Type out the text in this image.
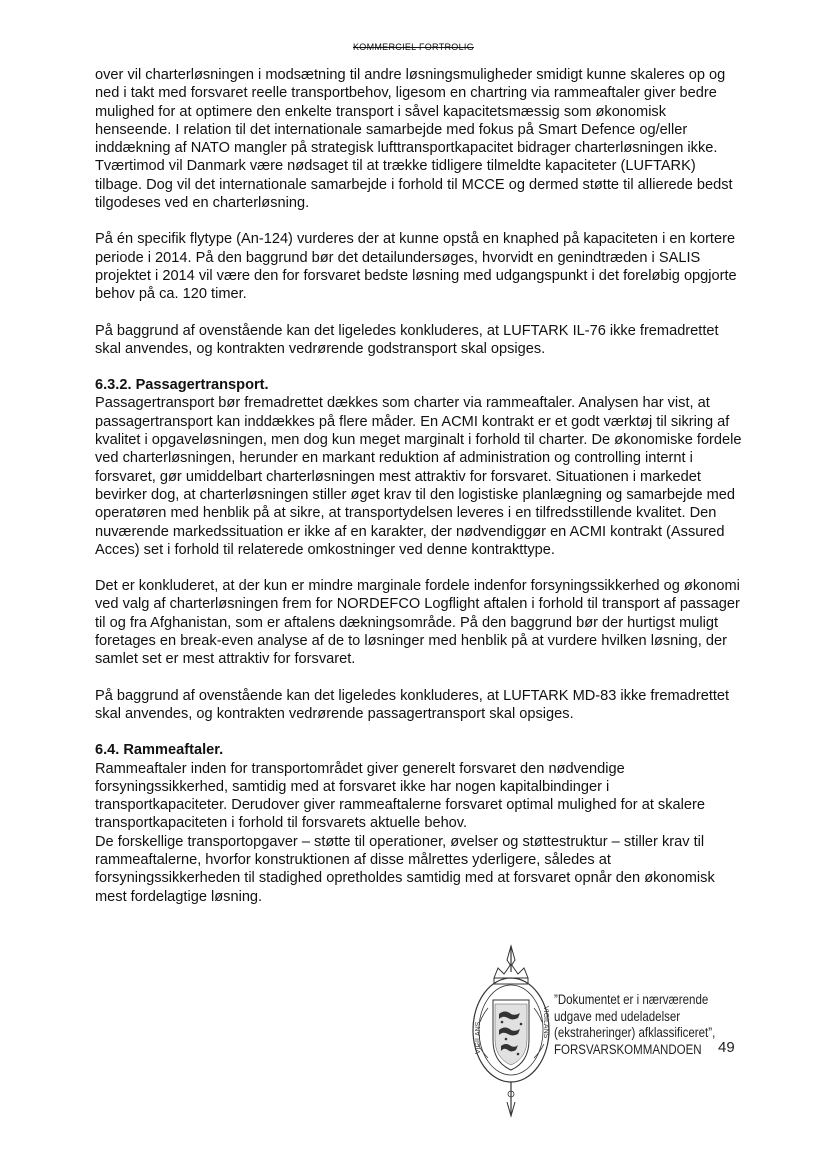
KOMMERCIEL FORTROLIG

over vil charterløsningen i modsætning til andre løsningsmuligheder smidigt kunne skaleres op og ned i takt med forsvaret reelle transportbehov, ligesom en chartring via rammeaftaler giver bedre mulighed for at optimere den enkelte transport i såvel kapacitetsmæssig som økonomisk henseende. I relation til det internationale samarbejde med fokus på Smart Defence og/eller inddækning af NATO mangler på strategisk lufttransportkapacitet bidrager charterløsningen ikke. Tværtimod vil Danmark være nødsaget til at trække tidligere tilmeldte kapaciteter (LUFTARK) tilbage. Dog vil det internationale samarbejde i forhold til MCCE og dermed støtte til allierede bedst tilgodeses ved en charterløsning.

På én specifik flytype (An-124) vurderes der at kunne opstå en knaphed på kapaciteten i en kortere periode i 2014. På den baggrund bør det detailundersøges, hvorvidt en genindtræden i SALIS projektet i 2014 vil være den for forsvaret bedste løsning med udgangspunkt i det foreløbig opgjorte behov på ca. 120 timer.

På baggrund af ovenstående kan det ligeledes konkluderes, at LUFTARK IL-76 ikke fremadrettet skal anvendes, og kontrakten vedrørende godstransport skal opsiges.

6.3.2. Passagertransport.

Passagertransport bør fremadrettet dækkes som charter via rammeaftaler. Analysen har vist, at passagertransport kan inddækkes på flere måder. En ACMI kontrakt er et godt værktøj til sikring af kvalitet i opgaveløsningen, men dog kun meget marginalt i forhold til charter. De økonomiske fordele ved charterløsningen, herunder en markant reduktion af administration og controlling internt i forsvaret, gør umiddelbart charterløsningen mest attraktiv for forsvaret. Situationen i markedet bevirker dog, at charterløsningen stiller øget krav til den logistiske planlægning og samarbejde med operatøren med henblik på at sikre, at transportydelsen leveres i en tilfredsstillende kvalitet. Den nuværende markedssituation er ikke af en karakter, der nødvendiggør en ACMI kontrakt (Assured Acces) set i forhold til relaterede omkostninger ved denne kontrakttype.

Det er konkluderet, at der kun er mindre marginale fordele indenfor forsyningssikkerhed og økonomi ved valg af charterløsningen frem for NORDEFCO Logflight aftalen i forhold til transport af passager til og fra Afghanistan, som er aftalens dækningsområde. På den baggrund bør der hurtigst muligt foretages en break-even analyse af de to løsninger med henblik på at vurdere hvilken løsning, der samlet set er mest attraktiv for forsvaret.

På baggrund af ovenstående kan det ligeledes konkluderes, at LUFTARK MD-83 ikke fremadrettet skal anvendes, og kontrakten vedrørende passagertransport skal opsiges.

6.4. Rammeaftaler.

Rammeaftaler inden for transportområdet giver generelt forsvaret den nødvendige forsyningssikkerhed, samtidig med at forsvaret ikke har nogen kapitalbindinger i transportkapaciteter. Derudover giver rammeaftalerne forsvaret optimal mulighed for at skalere transportkapaciteten i forhold til forsvarets aktuelle behov.

De forskellige transportopgaver – støtte til operationer, øvelser og støttestruktur – stiller krav til rammeaftalerne, hvorfor konstruktionen af disse målrettes yderligere, således at forsyningssikkerheden til stadighed opretholdes samtidig med at forsvaret opnår den økonomisk mest fordelagtige løsning.

VIGILANS	VIGILANS
”Dokumentet er i nærværende
udgave med udeladelser
(ekstraheringer) afklassificeret”,
FORSVARSKOMMANDOEN	49
